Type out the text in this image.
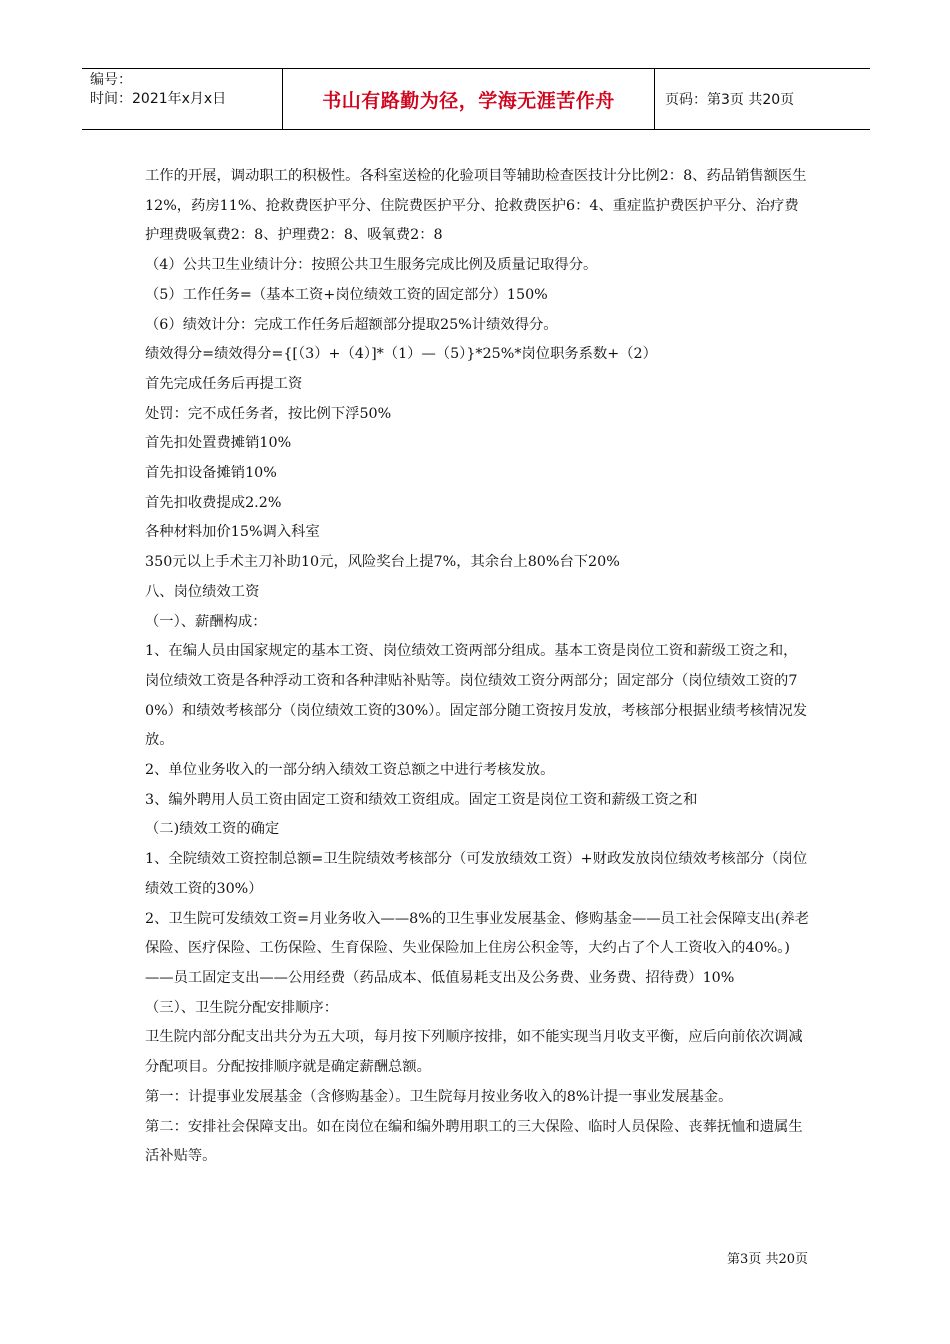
编号：
时间：2021年x月x日	书山有路勤为径，学海无涯苦作舟	页码：第3页 共20页

工作的开展，调动职工的积极性。各科室送检的化验项目等辅助检查医技计分比例2：8、药品销售额医生12%，药房11%、抢救费医护平分、住院费医护平分、抢救费医护6：4、重症监护费医护平分、治疗费护理费吸氧费2：8、护理费2：8、吸氧费2：8

（4）公共卫生业绩计分：按照公共卫生服务完成比例及质量记取得分。

（5）工作任务=（基本工资+岗位绩效工资的固定部分）150%

（6）绩效计分：完成工作任务后超额部分提取25%计绩效得分。

绩效得分=绩效得分={[（3）+（4）]*（1）—（5）}*25%*岗位职务系数+（2）

首先完成任务后再提工资

处罚：完不成任务者，按比例下浮50%

首先扣处置费摊销10%

首先扣设备摊销10%

首先扣收费提成2.2%

各种材料加价15%调入科室

350元以上手术主刀补助10元，风险奖台上提7%，其余台上80%台下20%

八、岗位绩效工资

（一）、薪酬构成：

1、在编人员由国家规定的基本工资、岗位绩效工资两部分组成。基本工资是岗位工资和薪级工资之和，岗位绩效工资是各种浮动工资和各种津贴补贴等。岗位绩效工资分两部分；固定部分（岗位绩效工资的70%）和绩效考核部分（岗位绩效工资的30%）。固定部分随工资按月发放，考核部分根据业绩考核情况发放。

2、单位业务收入的一部分纳入绩效工资总额之中进行考核发放。

3、编外聘用人员工资由固定工资和绩效工资组成。固定工资是岗位工资和薪级工资之和

（二)绩效工资的确定

1、全院绩效工资控制总额=卫生院绩效考核部分（可发放绩效工资）+财政发放岗位绩效考核部分（岗位绩效工资的30%）

2、卫生院可发绩效工资=月业务收入——8%的卫生事业发展基金、修购基金——员工社会保障支出(养老保险、医疗保险、工伤保险、生育保险、失业保险加上住房公积金等，大约占了个人工资收入的40%。)——员工固定支出——公用经费（药品成本、低值易耗支出及公务费、业务费、招待费）10%

（三）、卫生院分配安排顺序：

卫生院内部分配支出共分为五大项，每月按下列顺序按排，如不能实现当月收支平衡，应后向前依次调减分配项目。分配按排顺序就是确定薪酬总额。

第一：计提事业发展基金（含修购基金）。卫生院每月按业务收入的8%计提一事业发展基金。

第二：安排社会保障支出。如在岗位在编和编外聘用职工的三大保险、临时人员保险、丧葬抚恤和遗属生活补贴等。

第3页 共20页
